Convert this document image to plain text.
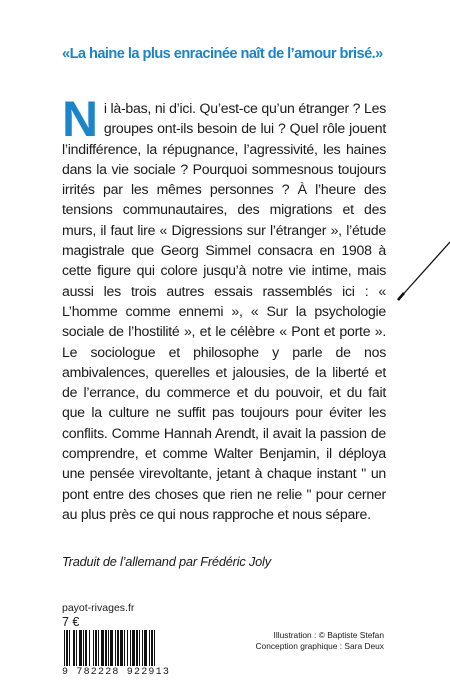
«La haine la plus enracinée naît de l’amour brisé.»
Ni là-bas, ni d’ici. Qu’est-ce qu’un étranger ? Les groupes ont-ils besoin de lui ? Quel rôle jouent l’indifférence, la répugnance, l’agressivité, les haines dans la vie sociale ? Pourquoi sommesnous toujours irrités par les mêmes personnes ? À l’heure des tensions communautaires, des migrations et des murs, il faut lire « Digressions sur l’étranger », l’étude magistrale que Georg Simmel consacra en 1908 à cette figure qui colore jusqu’à notre vie intime, mais aussi les trois autres essais rassemblés ici : « L’homme comme ennemi », « Sur la psychologie sociale de l’hostilité », et le célèbre « Pont et porte ». Le sociologue et philosophe y parle de nos ambivalences, querelles et jalousies, de la liberté et de l’errance, du commerce et du pouvoir, et du fait que la culture ne suffit pas toujours pour éviter les conflits. Comme Hannah Arendt, il avait la passion de comprendre, et comme Walter Benjamin, il déploya une pensée virevoltante, jetant à chaque instant " un pont entre des choses que rien ne relie " pour cerner au plus près ce qui nous rapproche et nous sépare.
Traduit de l’allemand par Frédéric Joly
payot-rivages.fr
7 €
9 782228 922913
Illustration : © Baptiste Stefan
Conception graphique : Sara Deux
